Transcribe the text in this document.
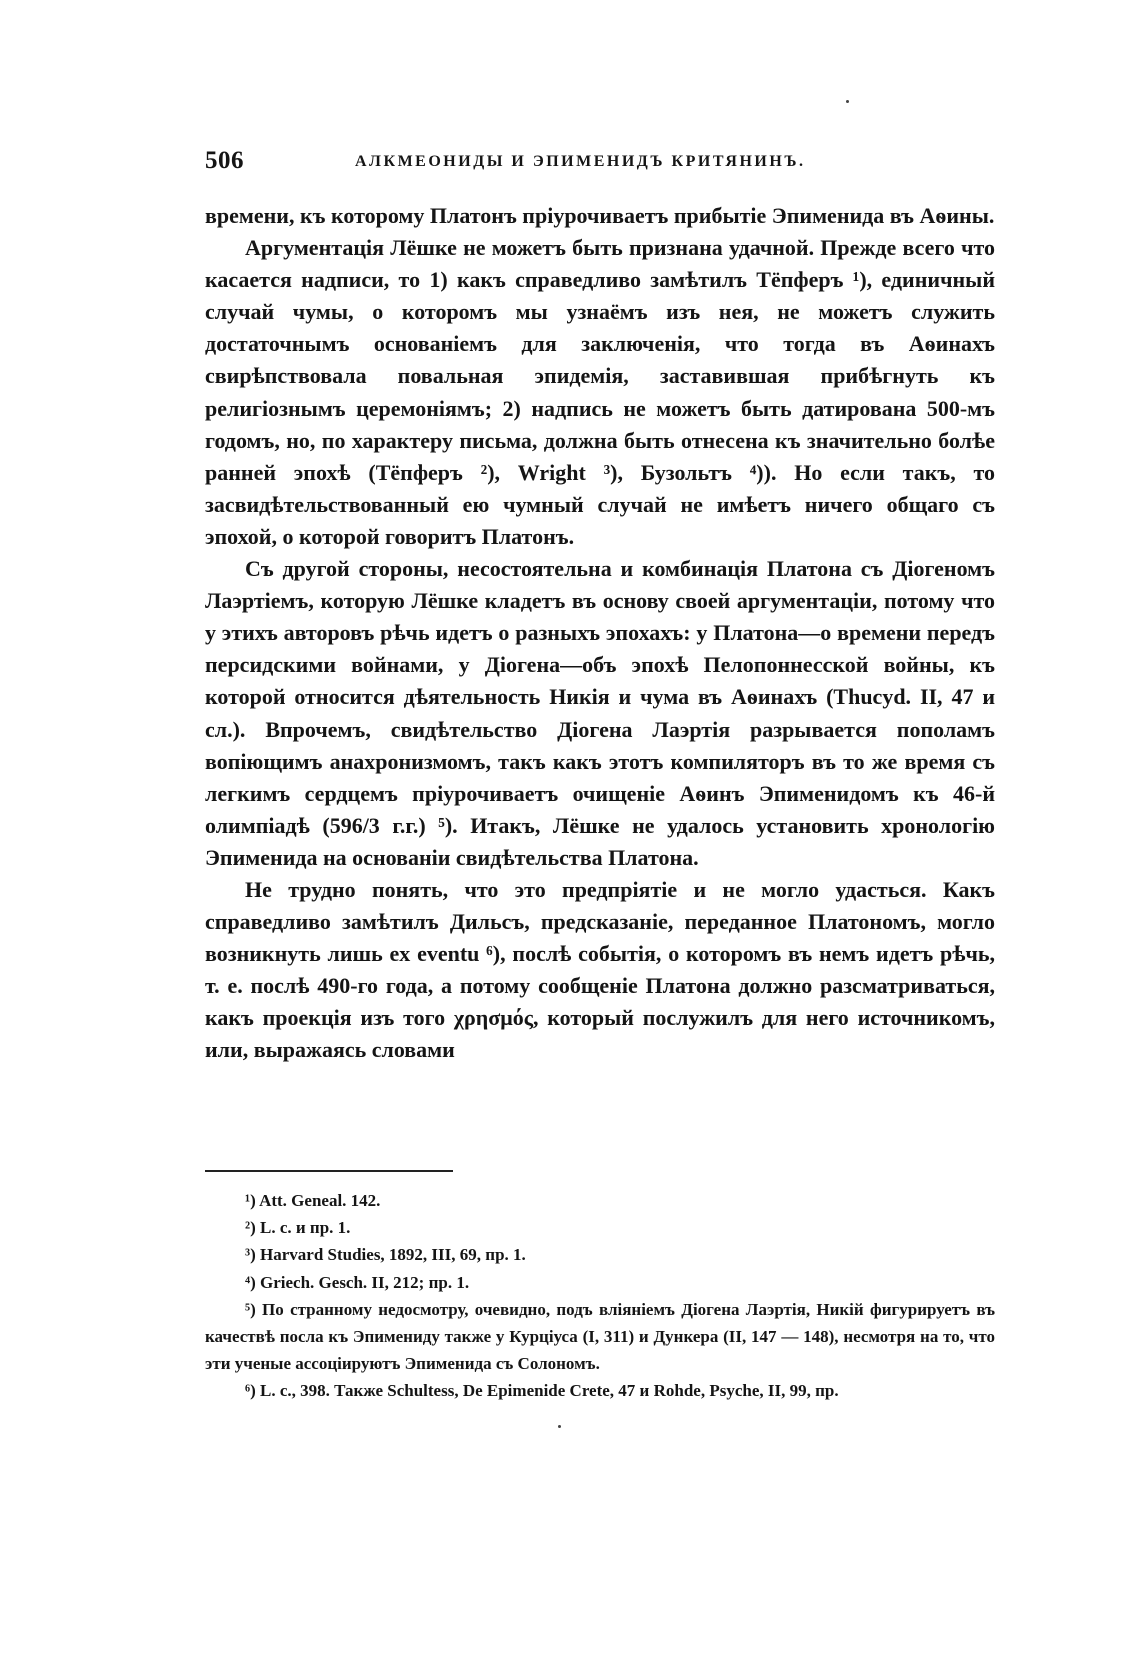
506	АЛКМЕОНИДЫ И ЭПИМЕНИДЪ КРИТЯНИНЪ.

времени, къ которому Платонъ пріурочиваетъ прибытіе Эпименида въ Аѳины.

Аргументація Лёшке не можетъ быть признана удачной. Прежде всего что касается надписи, то 1) какъ справедливо замѣтилъ Тёпферъ ¹), единичный случай чумы, о которомъ мы узнаёмъ изъ нея, не можетъ служить достаточнымъ основаніемъ для заключенія, что тогда въ Аѳинахъ свирѣпствовала повальная эпидемія, заставившая прибѣгнуть къ религіознымъ церемоніямъ; 2) надпись не можетъ быть датирована 500-мъ годомъ, но, по характеру письма, должна быть отнесена къ значительно болѣе ранней эпохѣ (Тёпферъ ²), Wright ³), Бузольтъ ⁴)). Но если такъ, то засвидѣтельствованный ею чумный случай не имѣетъ ничего общаго съ эпохой, о которой говоритъ Платонъ.

Съ другой стороны, несостоятельна и комбинація Платона съ Діогеномъ Лаэртіемъ, которую Лёшке кладетъ въ основу своей аргументаціи, потому что у этихъ авторовъ рѣчь идетъ о разныхъ эпохахъ: у Платона—о времени передъ персидскими войнами, у Діогена—объ эпохѣ Пелопоннесской войны, къ которой относится дѣятельность Никія и чума въ Аѳинахъ (Thucyd. II, 47 и сл.). Впрочемъ, свидѣтельство Діогена Лаэртія разрывается пополамъ вопіющимъ анахронизмомъ, такъ какъ этотъ компиляторъ въ то же время съ легкимъ сердцемъ пріурочиваетъ очищеніе Аѳинъ Эпименидомъ къ 46-й олимпіадѣ (596/3 г.г.) ⁵). Итакъ, Лёшке не удалось установить хронологію Эпименида на основаніи свидѣтельства Платона.

Не трудно понять, что это предпріятіе и не могло удасться. Какъ справедливо замѣтилъ Дильсъ, предсказаніе, переданное Платономъ, могло возникнуть лишь ex eventu ⁶), послѣ событія, о которомъ въ немъ идетъ рѣчь, т. е. послѣ 490-го года, а потому сообщеніе Платона должно разсматриваться, какъ проекція изъ того χρησμός, который послужилъ для него источникомъ, или, выражаясь словами

¹) Att. Geneal. 142.

²) L. c. и пр. 1.

³) Harvard Studies, 1892, III, 69, пр. 1.

⁴) Griech. Gesch. II, 212; пр. 1.

⁵) По странному недосмотру, очевидно, подъ вліяніемъ Діогена Лаэртія, Никій фигурируетъ въ качествѣ посла къ Эпимениду также у Курціуса (I, 311) и Дункера (II, 147 — 148), несмотря на то, что эти ученые ассоціируютъ Эпименида съ Солономъ.

⁶) L. c., 398. Также Schultess, De Epimenide Crete, 47 и Rohde, Psyche, II, 99, пр.
